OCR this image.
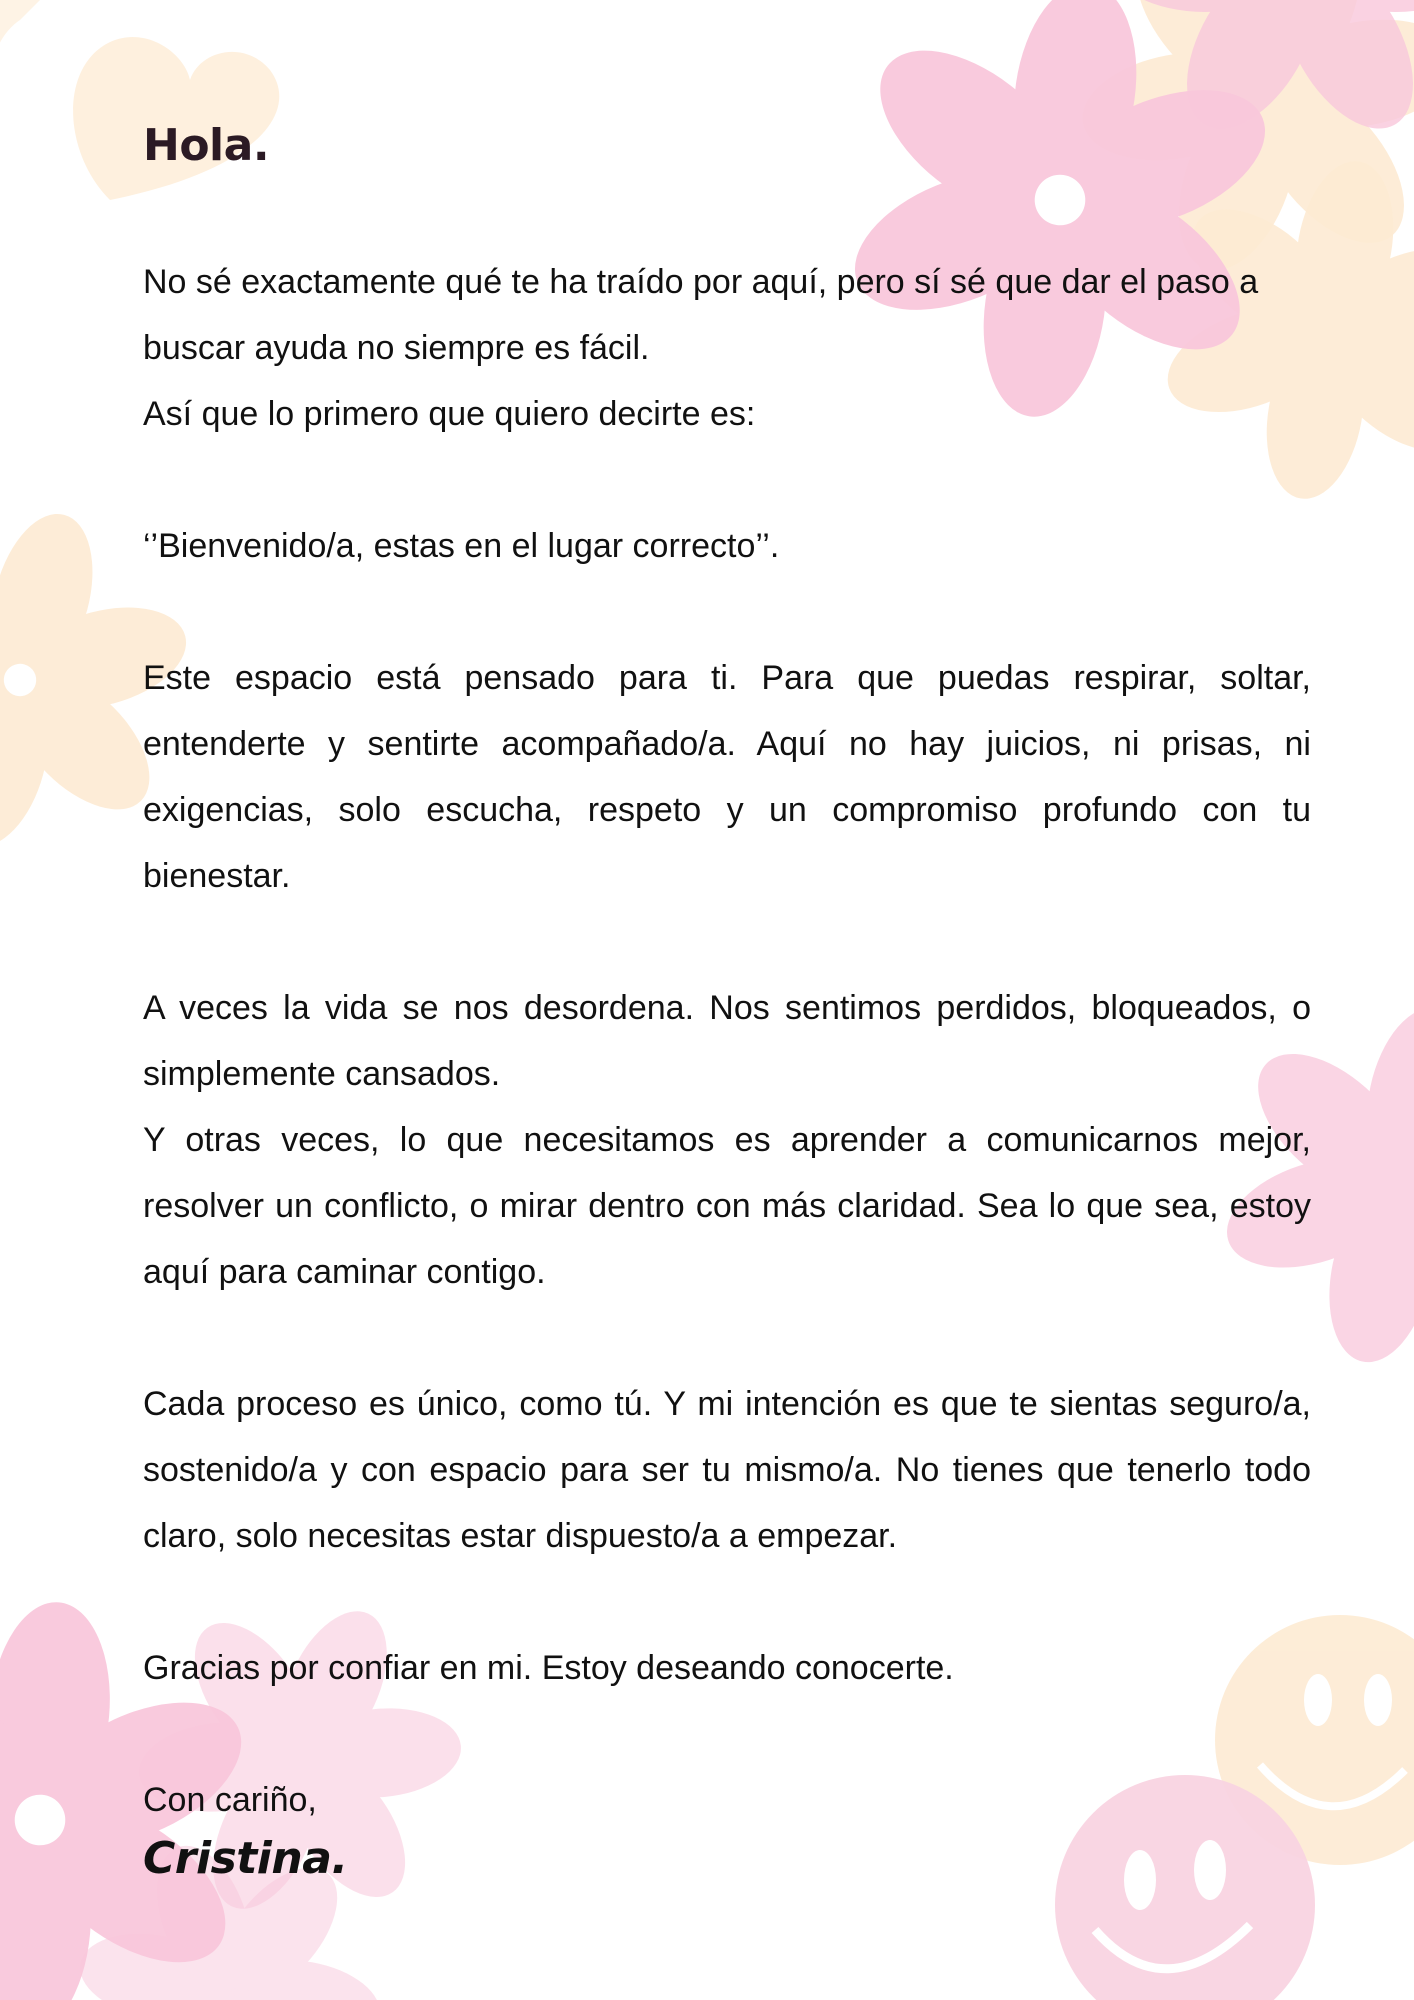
Hola.
No sé exactamente qué te ha traído por aquí, pero sí sé que dar el paso a buscar ayuda no siempre es fácil.
Así que lo primero que quiero decirte es:
‘’Bienvenido/a, estas en el lugar correcto’’.
Este espacio está pensado para ti. Para que puedas respirar, soltar, entenderte y sentirte acompañado/a. Aquí no hay juicios, ni prisas, ni exigencias, solo escucha, respeto y un compromiso profundo con tu bienestar.
A veces la vida se nos desordena. Nos sentimos perdidos, bloqueados, o simplemente cansados.
Y otras veces, lo que necesitamos es aprender a comunicarnos mejor, resolver un conflicto, o mirar dentro con más claridad. Sea lo que sea, estoy aquí para caminar contigo.
Cada proceso es único, como tú. Y mi intención es que te sientas seguro/a, sostenido/a y con espacio para ser tu mismo/a. No tienes que tenerlo todo claro, solo necesitas estar dispuesto/a a empezar.
Gracias por confiar en mi. Estoy deseando conocerte.
Con cariño,
Cristina.
